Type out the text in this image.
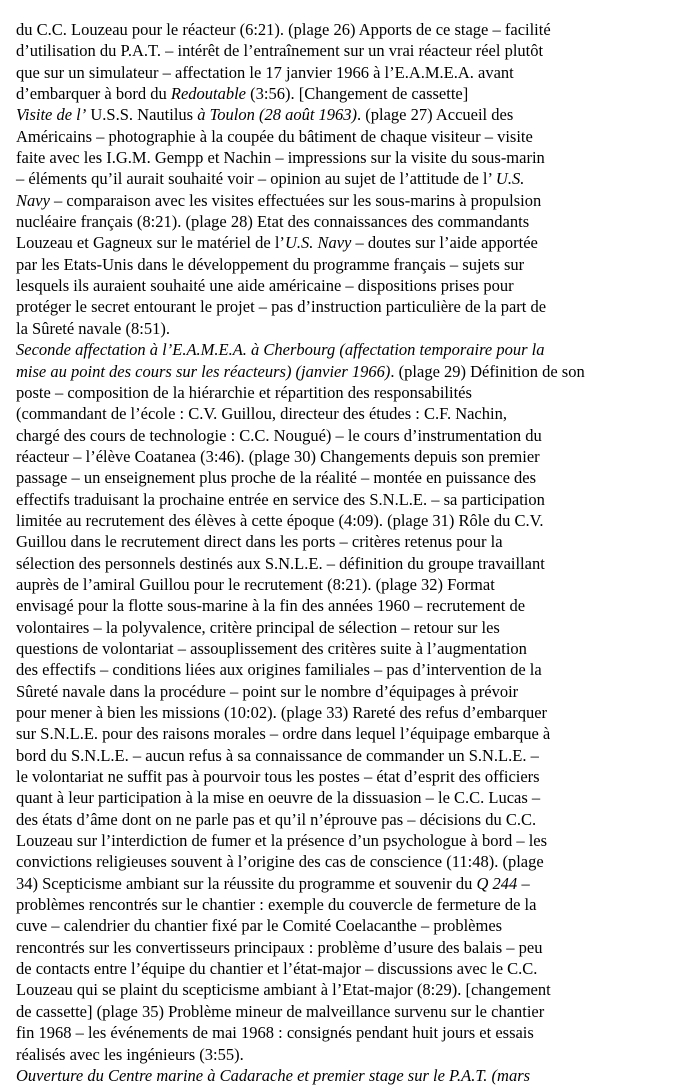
du C.C. Louzeau pour le réacteur (6:21). (plage 26) Apports de ce stage – facilité
d’utilisation du P.A.T. – intérêt de l’entraînement sur un vrai réacteur réel plutôt
que sur un simulateur – affectation le 17 janvier 1966 à l’E.A.M.E.A. avant
d’embarquer à bord du Redoutable (3:56). [Changement de cassette]
Visite de l’ U.S.S. Nautilus à Toulon (28 août 1963). (plage 27) Accueil des
Américains – photographie à la coupée du bâtiment de chaque visiteur – visite
faite avec les I.G.M. Gempp et Nachin – impressions sur la visite du sous-marin
– éléments qu’il aurait souhaité voir – opinion au sujet de l’attitude de l’ U.S.
Navy – comparaison avec les visites effectuées sur les sous-marins à propulsion
nucléaire français (8:21). (plage 28) Etat des connaissances des commandants
Louzeau et Gagneux sur le matériel de l’U.S. Navy – doutes sur l’aide apportée
par les Etats-Unis dans le développement du programme français – sujets sur
lesquels ils auraient souhaité une aide américaine – dispositions prises pour
protéger le secret entourant le projet – pas d’instruction particulière de la part de
la Sûreté navale (8:51).
Seconde affectation à l’E.A.M.E.A. à Cherbourg (affectation temporaire pour la
mise au point des cours sur les réacteurs) (janvier 1966). (plage 29) Définition de son
poste – composition de la hiérarchie et répartition des responsabilités
(commandant de l’école : C.V. Guillou, directeur des études : C.F. Nachin,
chargé des cours de technologie : C.C. Nougué) – le cours d’instrumentation du
réacteur – l’élève Coatanea (3:46). (plage 30) Changements depuis son premier
passage – un enseignement plus proche de la réalité – montée en puissance des
effectifs traduisant la prochaine entrée en service des S.N.L.E. – sa participation
limitée au recrutement des élèves à cette époque (4:09). (plage 31) Rôle du C.V.
Guillou dans le recrutement direct dans les ports – critères retenus pour la
sélection des personnels destinés aux S.N.L.E. – définition du groupe travaillant
auprès de l’amiral Guillou pour le recrutement (8:21). (plage 32) Format
envisagé pour la flotte sous-marine à la fin des années 1960 – recrutement de
volontaires – la polyvalence, critère principal de sélection – retour sur les
questions de volontariat – assouplissement des critères suite à l’augmentation
des effectifs – conditions liées aux origines familiales – pas d’intervention de la
Sûreté navale dans la procédure – point sur le nombre d’équipages à prévoir
pour mener à bien les missions (10:02). (plage 33) Rareté des refus d’embarquer
sur S.N.L.E. pour des raisons morales – ordre dans lequel l’équipage embarque à
bord du S.N.L.E. – aucun refus à sa connaissance de commander un S.N.L.E. –
le volontariat ne suffit pas à pourvoir tous les postes – état d’esprit des officiers
quant à leur participation à la mise en oeuvre de la dissuasion – le C.C. Lucas –
des états d’âme dont on ne parle pas et qu’il n’éprouve pas – décisions du C.C.
Louzeau sur l’interdiction de fumer et la présence d’un psychologue à bord – les
convictions religieuses souvent à l’origine des cas de conscience (11:48). (plage
34) Scepticisme ambiant sur la réussite du programme et souvenir du Q 244 –
problèmes rencontrés sur le chantier : exemple du couvercle de fermeture de la
cuve – calendrier du chantier fixé par le Comité Coelacanthe – problèmes
rencontrés sur les convertisseurs principaux : problème d’usure des balais – peu
de contacts entre l’équipe du chantier et l’état-major – discussions avec le C.C.
Louzeau qui se plaint du scepticisme ambiant à l’Etat-major (8:29). [changement
de cassette] (plage 35) Problème mineur de malveillance survenu sur le chantier
fin 1968 – les événements de mai 1968 : consignés pendant huit jours et essais
réalisés avec les ingénieurs (3:55).
Ouverture du Centre marine à Cadarache et premier stage sur le P.A.T. (mars
